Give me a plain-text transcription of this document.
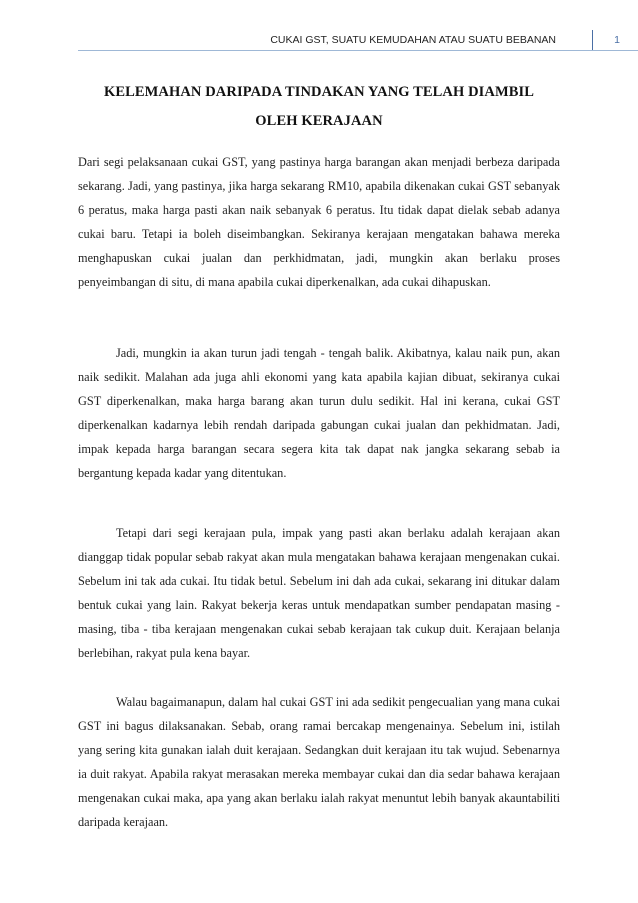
CUKAI GST, SUATU KEMUDAHAN ATAU SUATU BEBANAN	1
KELEMAHAN DARIPADA TINDAKAN YANG TELAH DIAMBIL
OLEH KERAJAAN

Dari segi pelaksanaan cukai GST, yang pastinya harga barangan akan menjadi berbeza daripada sekarang. Jadi, yang pastinya, jika harga sekarang RM10, apabila dikenakan cukai GST sebanyak 6 peratus, maka harga pasti akan naik sebanyak 6 peratus. Itu tidak dapat dielak sebab adanya cukai baru. Tetapi ia boleh diseimbangkan. Sekiranya kerajaan mengatakan bahawa mereka menghapuskan cukai jualan dan perkhidmatan, jadi, mungkin akan berlaku proses penyeimbangan di situ, di mana apabila cukai diperkenalkan, ada cukai dihapuskan.

Jadi, mungkin ia akan turun jadi tengah - tengah balik. Akibatnya, kalau naik pun, akan naik sedikit. Malahan ada juga ahli ekonomi yang kata apabila kajian dibuat, sekiranya cukai GST diperkenalkan, maka harga barang akan turun dulu sedikit. Hal ini kerana, cukai GST diperkenalkan kadarnya lebih rendah daripada gabungan cukai jualan dan pekhidmatan. Jadi, impak kepada harga barangan secara segera kita tak dapat nak jangka sekarang sebab ia bergantung kepada kadar yang ditentukan.

Tetapi dari segi kerajaan pula, impak yang pasti akan berlaku adalah kerajaan akan dianggap tidak popular sebab rakyat akan mula mengatakan bahawa kerajaan mengenakan cukai. Sebelum ini tak ada cukai. Itu tidak betul. Sebelum ini dah ada cukai, sekarang ini ditukar dalam bentuk cukai yang lain. Rakyat bekerja keras untuk mendapatkan sumber pendapatan masing - masing, tiba - tiba kerajaan mengenakan cukai sebab kerajaan tak cukup duit. Kerajaan belanja berlebihan, rakyat pula kena bayar.

Walau bagaimanapun, dalam hal cukai GST ini ada sedikit pengecualian yang mana cukai GST ini bagus dilaksanakan. Sebab, orang ramai bercakap mengenainya. Sebelum ini, istilah yang sering kita gunakan ialah duit kerajaan. Sedangkan duit kerajaan itu tak wujud. Sebenarnya ia duit rakyat. Apabila rakyat merasakan mereka membayar cukai dan dia sedar bahawa kerajaan mengenakan cukai maka, apa yang akan berlaku ialah rakyat menuntut lebih banyak akauntabiliti daripada kerajaan.
